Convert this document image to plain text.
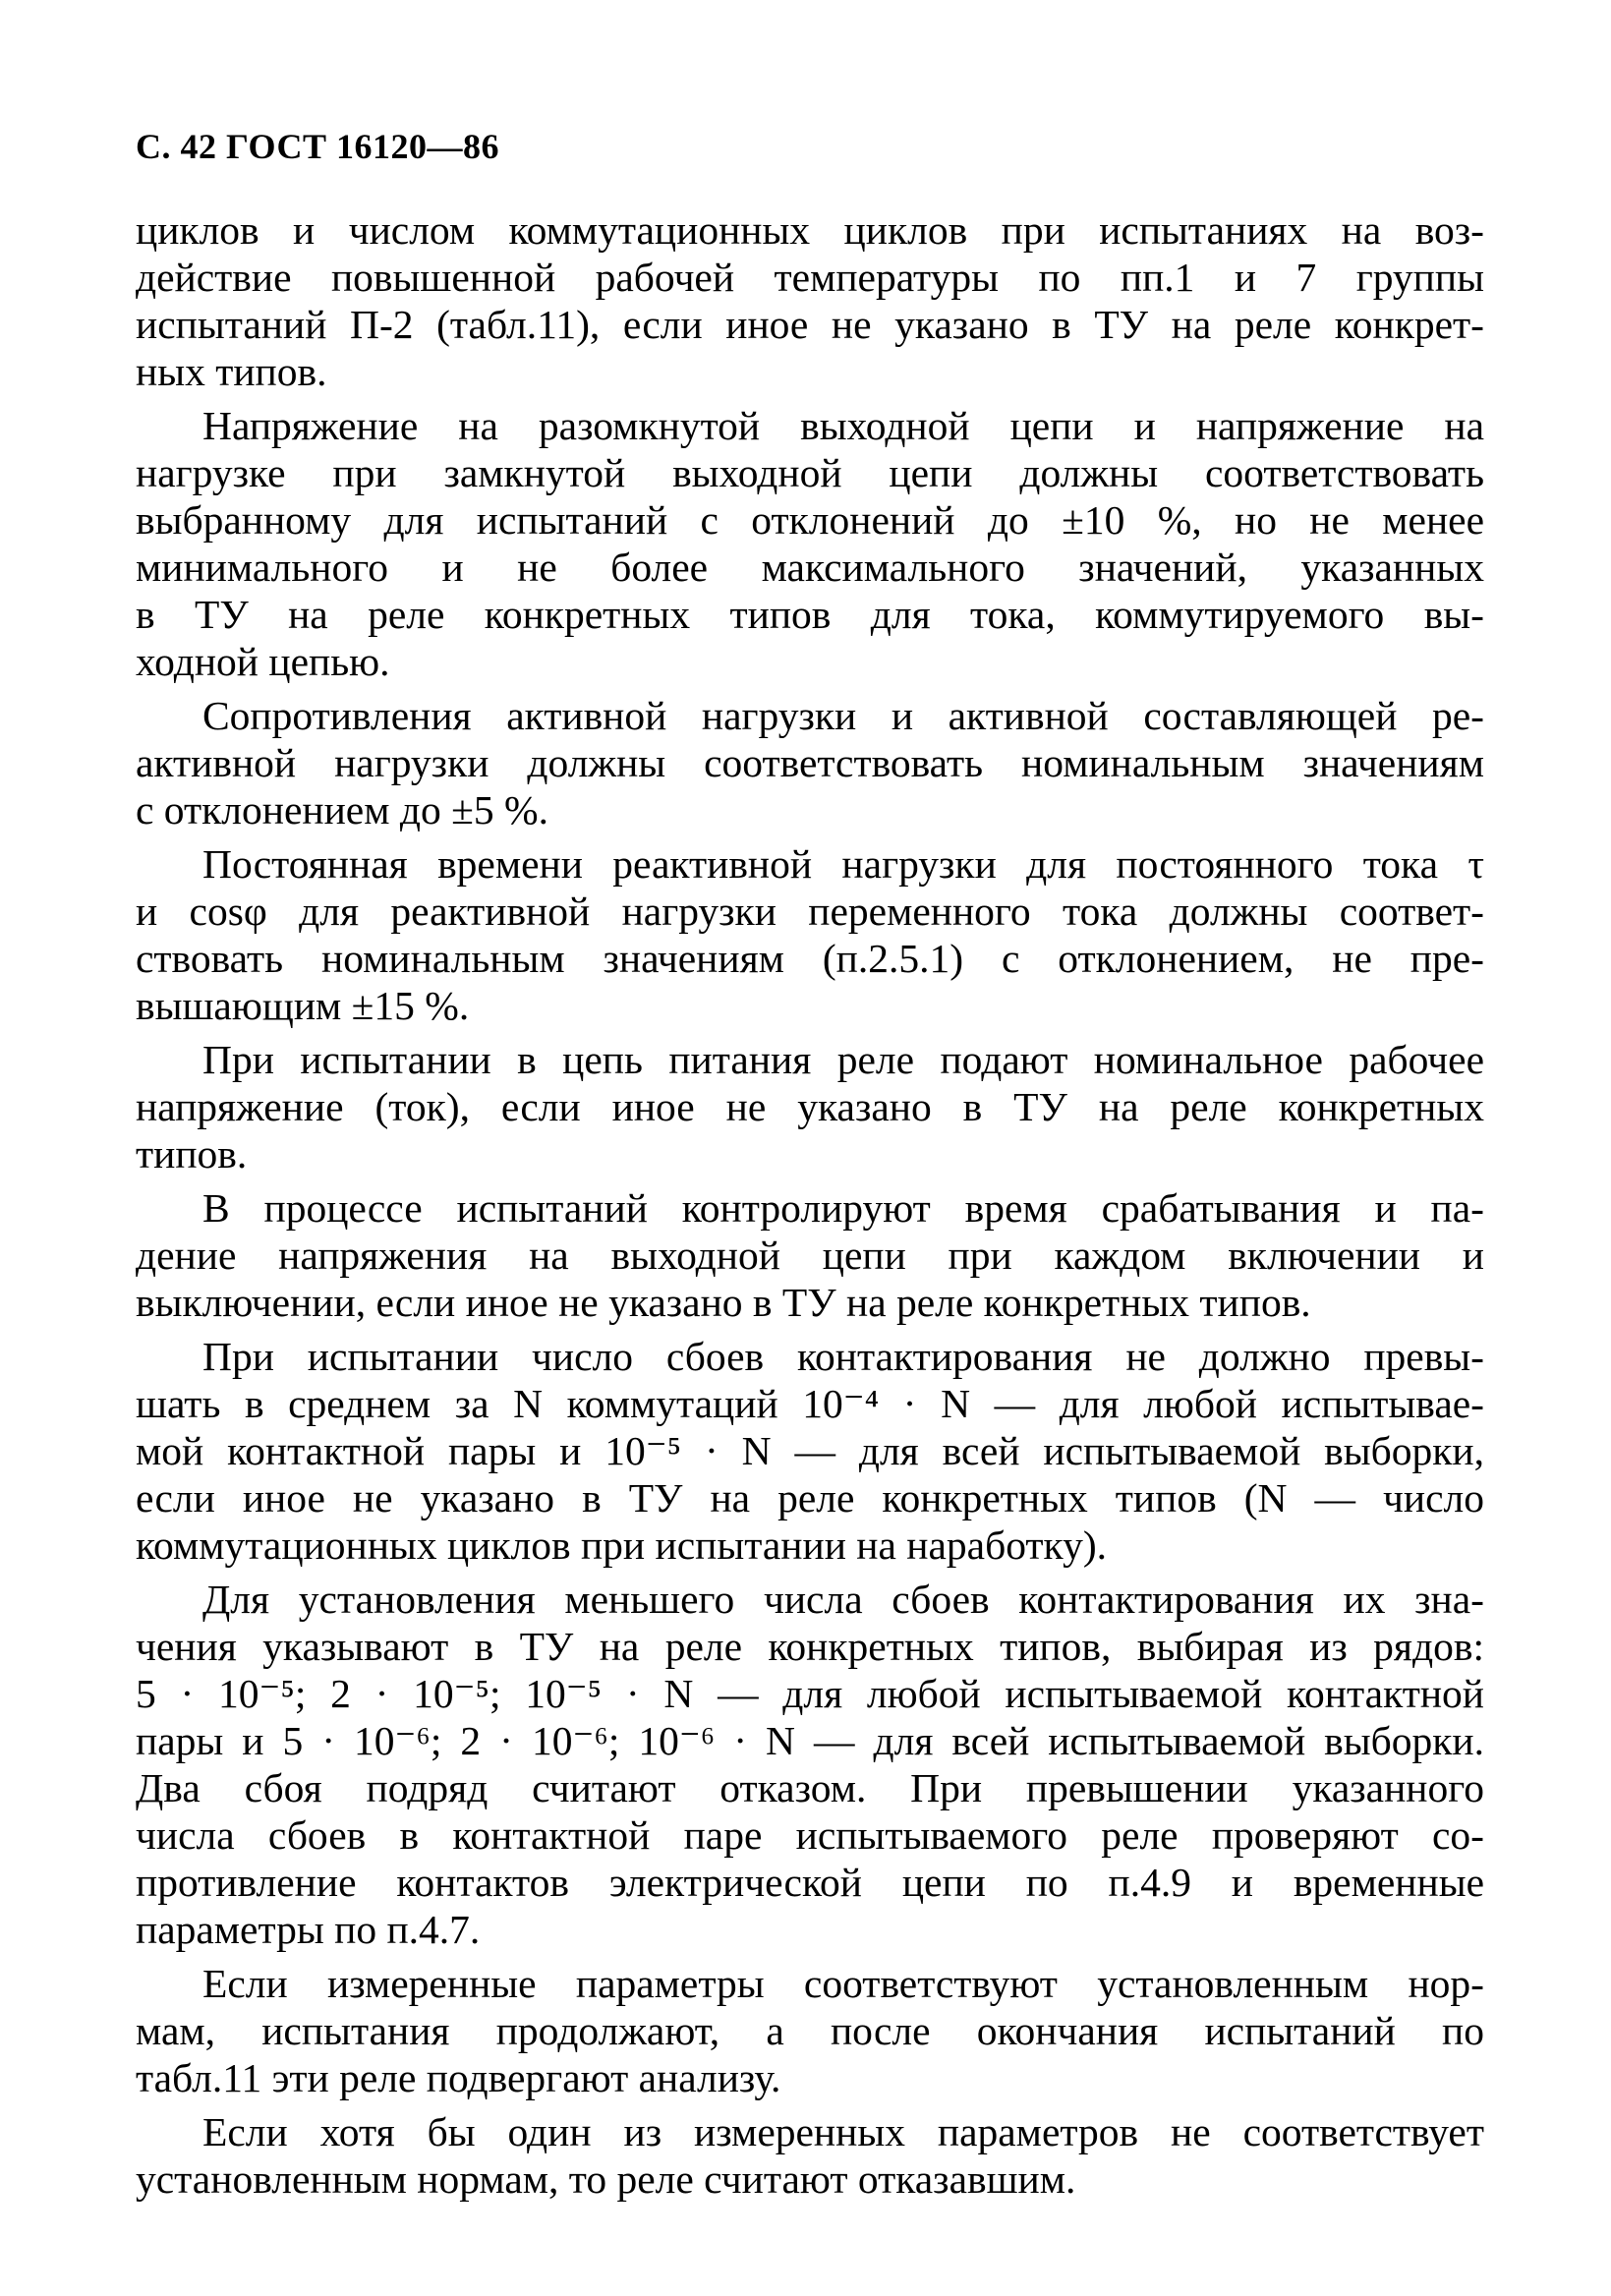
С. 42 ГОСТ 16120—86

циклов и числом коммутационных циклов при испытаниях на воз-
действие повышенной рабочей температуры по пп.1 и 7 группы
испытаний П-2 (табл.11), если иное не указано в ТУ на реле конкрет-
ных типов.

Напряжение на разомкнутой выходной цепи и напряжение на
нагрузке при замкнутой выходной цепи должны соответствовать
выбранному для испытаний с отклонений до ±10 %, но не менее
минимального и не более максимального значений, указанных
в ТУ на реле конкретных типов для тока, коммутируемого вы-
ходной цепью.

Сопротивления активной нагрузки и активной составляющей ре-
активной нагрузки должны соответствовать номинальным значениям
с отклонением до ±5 %.

Постоянная времени реактивной нагрузки для постоянного тока τ
и cosφ для реактивной нагрузки переменного тока должны соответ-
ствовать номинальным значениям (п.2.5.1) с отклонением, не пре-
вышающим ±15 %.

При испытании в цепь питания реле подают номинальное рабочее
напряжение (ток), если иное не указано в ТУ на реле конкретных
типов.

В процессе испытаний контролируют время срабатывания и па-
дение напряжения на выходной цепи при каждом включении и
выключении, если иное не указано в ТУ на реле конкретных типов.

При испытании число сбоев контактирования не должно превы-
шать в среднем за N коммутаций 10⁻⁴ · N — для любой испытывае-
мой контактной пары и 10⁻⁵ · N — для всей испытываемой выборки,
если иное не указано в ТУ на реле конкретных типов (N — число
коммутационных циклов при испытании на наработку).

Для установления меньшего числа сбоев контактирования их зна-
чения указывают в ТУ на реле конкретных типов, выбирая из рядов:
5 · 10⁻⁵; 2 · 10⁻⁵; 10⁻⁵ · N — для любой испытываемой контактной
пары и 5 · 10⁻⁶; 2 · 10⁻⁶; 10⁻⁶ · N — для всей испытываемой выборки.
Два сбоя подряд считают отказом. При превышении указанного
числа сбоев в контактной паре испытываемого реле проверяют со-
противление контактов электрической цепи по п.4.9 и временные
параметры по п.4.7.

Если измеренные параметры соответствуют установленным нор-
мам, испытания продолжают, а после окончания испытаний по
табл.11 эти реле подвергают анализу.

Если хотя бы один из измеренных параметров не соответствует
установленным нормам, то реле считают отказавшим.
